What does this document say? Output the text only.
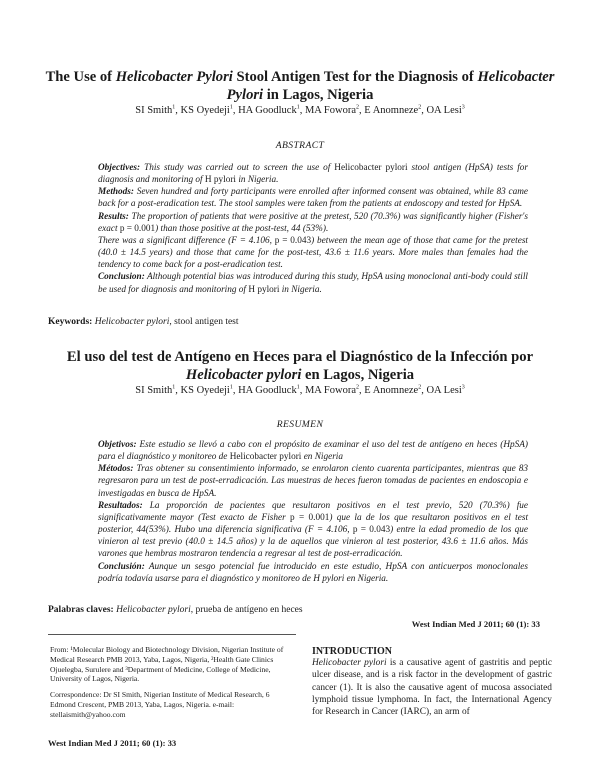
The Use of Helicobacter Pylori Stool Antigen Test for the Diagnosis of Helicobacter Pylori in Lagos, Nigeria
SI Smith$^1$, KS Oyedeji$^1$, HA Goodluck$^1$, MA Fowora$^2$, E Anomneze$^2$, OA Lesi$^3$
ABSTRACT

Objectives: This study was carried out to screen the use of Helicobacter pylori stool antigen (HpSA) tests for diagnosis and monitoring of H pylori in Nigeria.

Methods: Seven hundred and forty participants were enrolled after informed consent was obtained, while 83 came back for a post-eradication test. The stool samples were taken from the patients at endoscopy and tested for HpSA.

Results: The proportion of patients that were positive at the pretest, 520 (70.3%) was significantly higher (Fisher's exact p = 0.001) than those positive at the post-test, 44 (53%).

There was a significant difference (F = 4.106, p = 0.043) between the mean age of those that came for the pretest (40.0 ± 14.5 years) and those that came for the post-test, 43.6 ± 11.6 years. More males than females had the tendency to come back for a post-eradication test.

Conclusion: Although potential bias was introduced during this study, HpSA using monoclonal anti-body could still be used for diagnosis and monitoring of H pylori in Nigeria.

Keywords: Helicobacter pylori, stool antigen test
El uso del test de Antígeno en Heces para el Diagnóstico de la Infección por
Helicobacter pylori en Lagos, Nigeria
SI Smith$^1$, KS Oyedeji$^1$, HA Goodluck$^1$, MA Fowora$^2$, E Anomneze$^2$, OA Lesi$^3$
RESUMEN

Objetivos: Este estudio se llevó a cabo con el propósito de examinar el uso del test de antígeno en heces (HpSA) para el diagnóstico y monitoreo de Helicobacter pylori en Nigeria

Métodos: Tras obtener su consentimiento informado, se enrolaron ciento cuarenta participantes, mientras que 83 regresaron para un test de post-erradicación. Las muestras de heces fueron tomadas de pacientes en endoscopia e investigadas en busca de HpSA.

Resultados: La proporción de pacientes que resultaron positivos en el test previo, 520 (70.3%) fue significativamente mayor (Test exacto de Fisher p = 0.001) que la de los que resultaron positivos en el test posterior, 44(53%). Hubo una diferencia significativa (F = 4.106, p = 0.043) entre la edad promedio de los que vinieron al test previo (40.0 ± 14.5 años) y la de aquellos que vinieron al test posterior, 43.6 ± 11.6 años. Más varones que hembras mostraron tendencia a regresar al test de post-erradicación.

Conclusión: Aunque un sesgo potencial fue introducido en este estudio, HpSA con anticuerpos monoclonales podría todavía usarse para el diagnóstico y monitoreo de H pylori en Nigeria.

Palabras claves: Helicobacter pylori, prueba de antígeno en heces
West Indian Med J 2011; 60 (1): 33
From: ¹Molecular Biology and Biotechnology Division, Nigerian Institute of Medical Research PMB 2013, Yaba, Lagos, Nigeria, ²Health Gate Clinics Ojuelegba, Surulere and ³Department of Medicine, College of Medicine, University of Lagos, Nigeria.
Correspondence: Dr SI Smith, Nigerian Institute of Medical Research, 6 Edmond Crescent, PMB 2013, Yaba, Lagos, Nigeria. e-mail: stellaismith@yahoo.com
INTRODUCTION
Helicobacter pylori is a causative agent of gastritis and peptic ulcer disease, and is a risk factor in the development of gastric cancer (1). It is also the causative agent of mucosa associated lymphoid tissue lymphoma. In fact, the International Agency for Research in Cancer (IARC), an arm of
West Indian Med J 2011; 60 (1): 33
